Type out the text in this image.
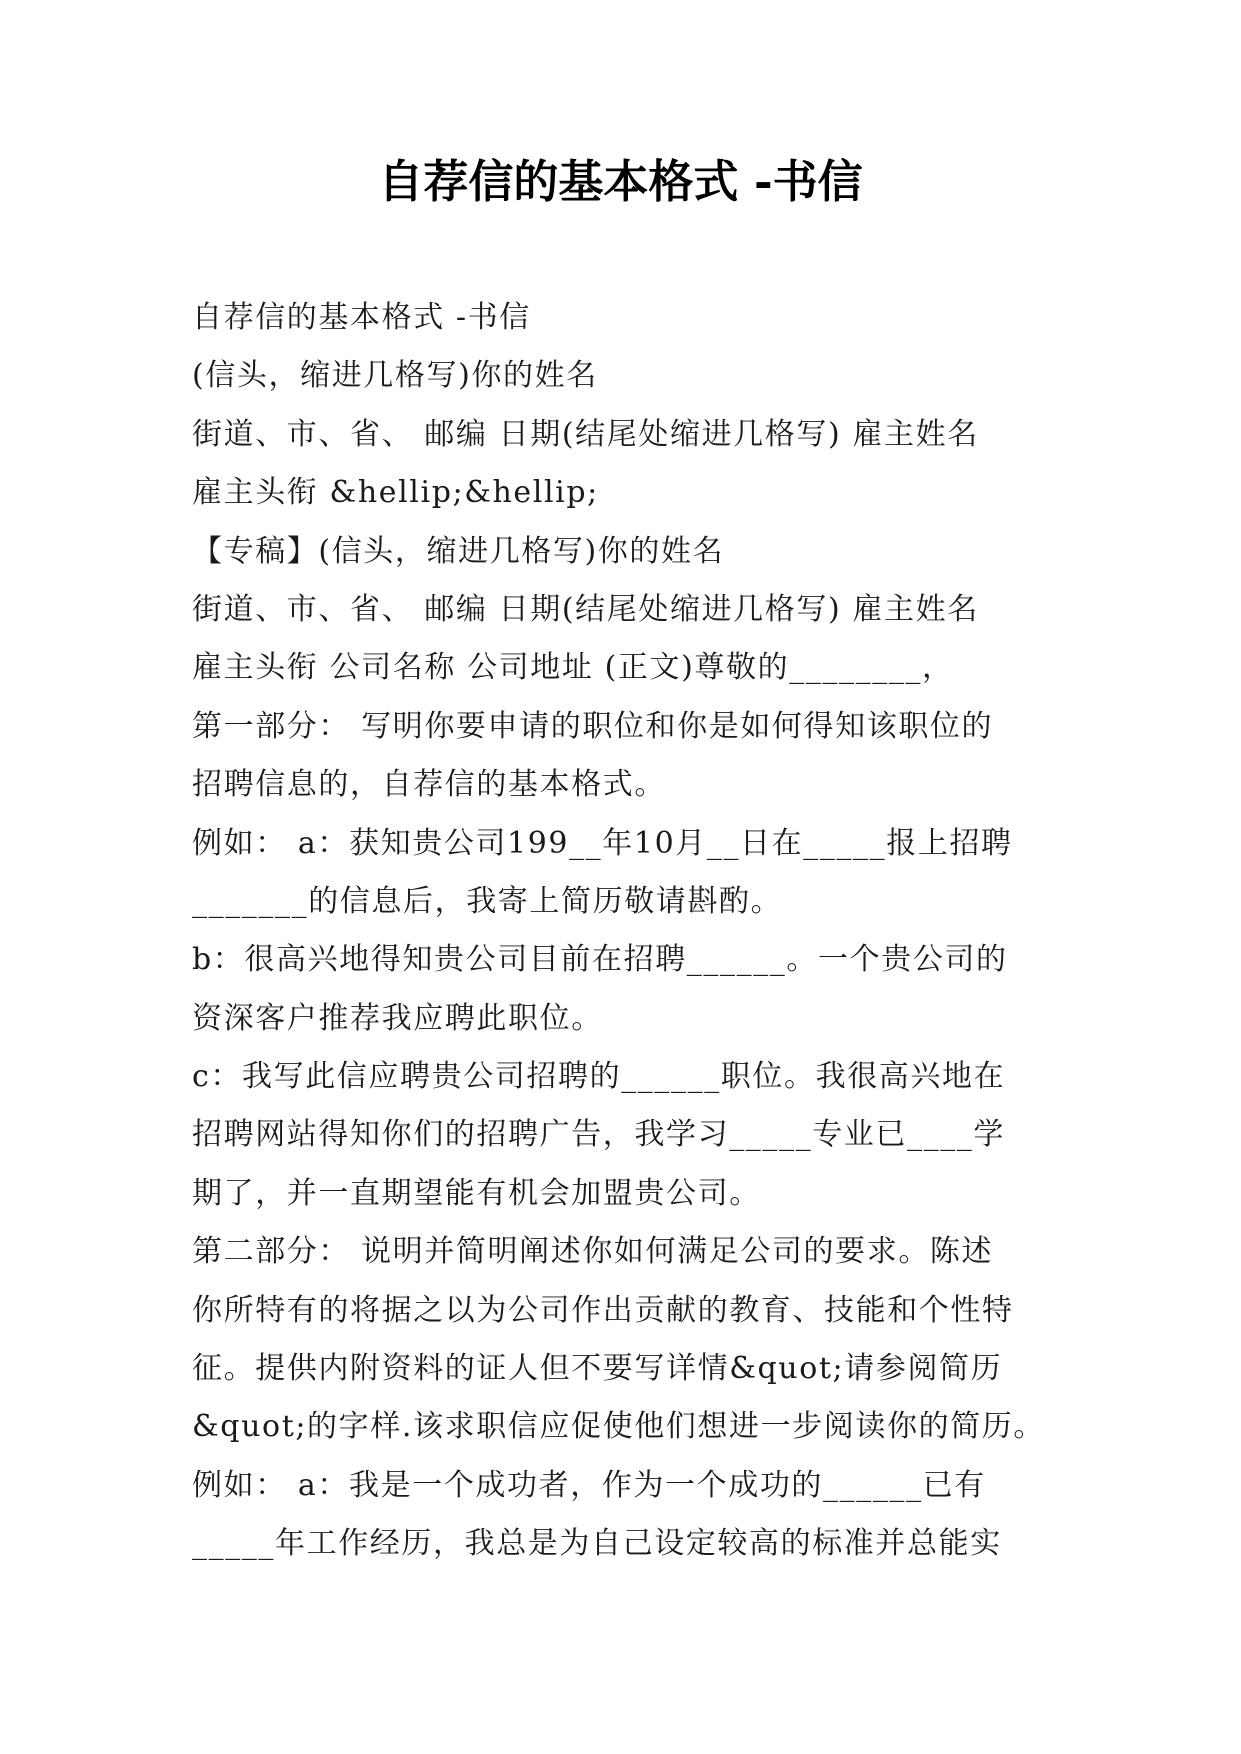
自荐信的基本格式 -书信
自荐信的基本格式 -书信
(信头，缩进几格写)你的姓名
街道、市、省、 邮编 日期(结尾处缩进几格写) 雇主姓名
雇主头衔 &hellip;&hellip;
【专稿】(信头，缩进几格写)你的姓名
街道、市、省、 邮编 日期(结尾处缩进几格写) 雇主姓名
雇主头衔 公司名称 公司地址 (正文)尊敬的________，
第一部分： 写明你要申请的职位和你是如何得知该职位的
招聘信息的，自荐信的基本格式。
例如： a：获知贵公司199__年10月__日在_____报上招聘
_______的信息后，我寄上简历敬请斟酌。
b：很高兴地得知贵公司目前在招聘______。一个贵公司的
资深客户推荐我应聘此职位。
c：我写此信应聘贵公司招聘的______职位。我很高兴地在
招聘网站得知你们的招聘广告，我学习_____专业已____学
期了，并一直期望能有机会加盟贵公司。
第二部分： 说明并简明阐述你如何满足公司的要求。陈述
你所特有的将据之以为公司作出贡献的教育、技能和个性特
征。提供内附资料的证人但不要写详情&quot;请参阅简历
&quot;的字样.该求职信应促使他们想进一步阅读你的简历。
例如： a：我是一个成功者，作为一个成功的______已有
_____年工作经历，我总是为自己设定较高的标准并总能实
